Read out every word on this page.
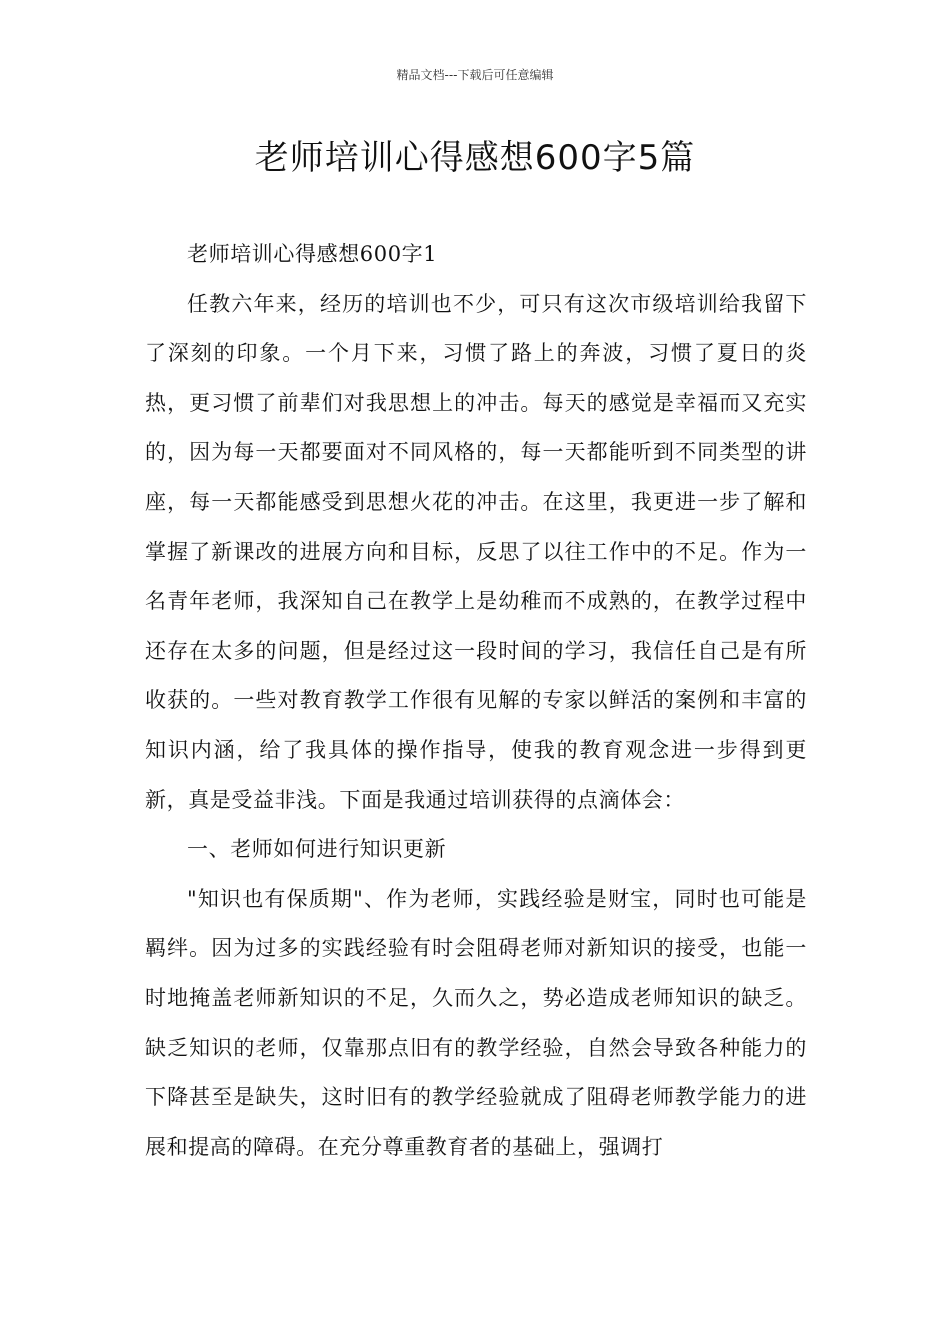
精品文档---下载后可任意编辑
老师培训心得感想600字5篇

老师培训心得感想600字1

任教六年来，经历的培训也不少，可只有这次市级培训给我留下了深刻的印象。一个月下来，习惯了路上的奔波，习惯了夏日的炎热，更习惯了前辈们对我思想上的冲击。每天的感觉是幸福而又充实的，因为每一天都要面对不同风格的，每一天都能听到不同类型的讲座，每一天都能感受到思想火花的冲击。在这里，我更进一步了解和掌握了新课改的进展方向和目标，反思了以往工作中的不足。作为一名青年老师，我深知自己在教学上是幼稚而不成熟的，在教学过程中还存在太多的问题，但是经过这一段时间的学习，我信任自己是有所收获的。一些对教育教学工作很有见解的专家以鲜活的案例和丰富的知识内涵，给了我具体的操作指导，使我的教育观念进一步得到更新，真是受益非浅。下面是我通过培训获得的点滴体会：

一、老师如何进行知识更新

"知识也有保质期"、作为老师，实践经验是财宝，同时也可能是羁绊。因为过多的实践经验有时会阻碍老师对新知识的接受，也能一时地掩盖老师新知识的不足，久而久之，势必造成老师知识的缺乏。缺乏知识的老师，仅靠那点旧有的教学经验，自然会导致各种能力的下降甚至是缺失，这时旧有的教学经验就成了阻碍老师教学能力的进展和提高的障碍。在充分尊重教育者的基础上，强调打
